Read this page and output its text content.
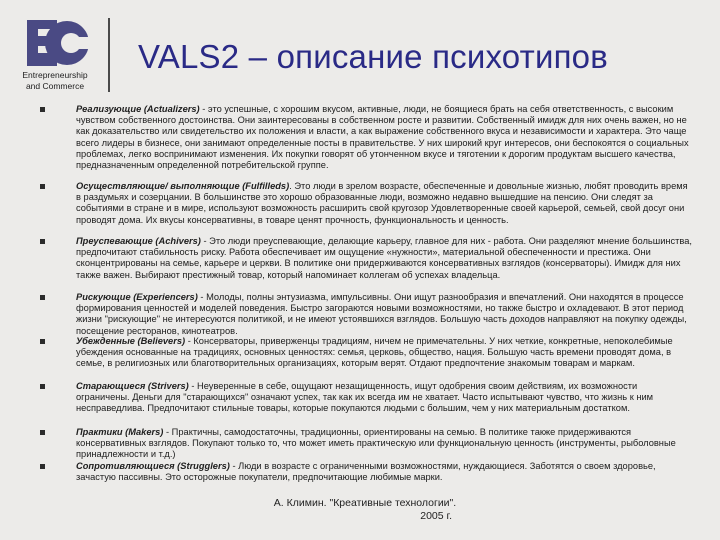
Entrepreneurship
and Commerce
VALS2 – описание психотипов
Реализующие (Actualizers) - это успешные, с хорошим вкусом, активные, люди, не боящиеся брать на себя ответственность, с высоким чувством собственного достоинства. Они заинтересованы в собственном росте и развитии. Собственный имидж для них очень важен, но не как доказательство или свидетельство их положения и власти, а как выражение собственного вкуса и независимости и характера. Это чаще всего лидеры в бизнесе, они занимают определенные посты в правительстве. У них широкий круг интересов, они беспокоятся о социальных проблемах, легко воспринимают изменения. Их покупки говорят об утонченном вкусе и тяготении к дорогим продуктам высшего качества, предназначенным определенной потребительской группе.
Осуществляющие/ выполняющие (Fulfilleds). Это люди в зрелом возрасте, обеспеченные и довольные жизнью, любят проводить время в раздумьях и созерцании. В большинстве это хорошо образованные люди, возможно недавно вышедшие на пенсию. Они следят за событиями в стране и в мире, используют возможность расширить свой кругозор Удовлетворенные своей карьерой, семьей, свой досуг они проводят дома. Их вкусы консервативны, в товаре ценят прочность, функциональность и ценность.
Преуспевающие (Achivers) - Это люди преуспевающие, делающие карьеру, главное для них - работа. Они разделяют мнение большинства, предпочитают стабильность риску. Работа обеспечивает им ощущение «нужности», материальной обеспеченности и престижа. Они сконцентрированы на семье, карьере и церкви. В политике они придерживаются консервативных взглядов (консерваторы). Имидж для них также важен. Выбирают престижный товар, который напоминает коллегам об успехах владельца.
Рискующие (Experiencers) - Молоды, полны энтузиазма, импульсивны. Они ищут разнообразия и впечатлений. Они находятся в процессе формирования ценностей и моделей поведения. Быстро загораются новыми возможностями, но также быстро и охладевают. В этот период жизни "рискующие" не интересуются политикой, и не имеют устоявшихся взглядов. Большую часть доходов направляют на покупку одежды, посещение ресторанов, кинотеатров.
Убежденные (Believers) - Консерваторы, приверженцы традициям, ничем не примечательны. У них четкие, конкретные, непоколебимые убеждения основанные на традициях, основных ценностях: семья, церковь, общество, нация. Большую часть времени проводят дома, в семье, в религиозных или благотворительных организациях, которым верят. Отдают предпочтение знакомым товарам и маркам.
Старающиеся (Strivers) - Неуверенные в себе, ощущают незащищенность, ищут одобрения своим действиям, их возможности ограничены. Деньги для "старающихся" означают успех, так как их всегда им не хватает. Часто испытывают чувство, что жизнь к ним несправедлива. Предпочитают стильные товары, которые покупаются людьми с большим, чем у них материальным достатком.
Практики (Makers) - Практичны, самодостаточны, традиционны, ориентированы на семью. В политике также придерживаются консервативных взглядов. Покупают только то, что может иметь практическую или функциональную ценность (инструменты, рыболовные принадлежности и т.д.)
Сопротивляющиеся (Strugglers) - Люди в возрасте с ограниченными возможностями, нуждающиеся. Заботятся о своем здоровье, зачастую пассивны. Это осторожные покупатели, предпочитающие любимые марки.
А. Климин. "Креативные технологии".
2005 г.
